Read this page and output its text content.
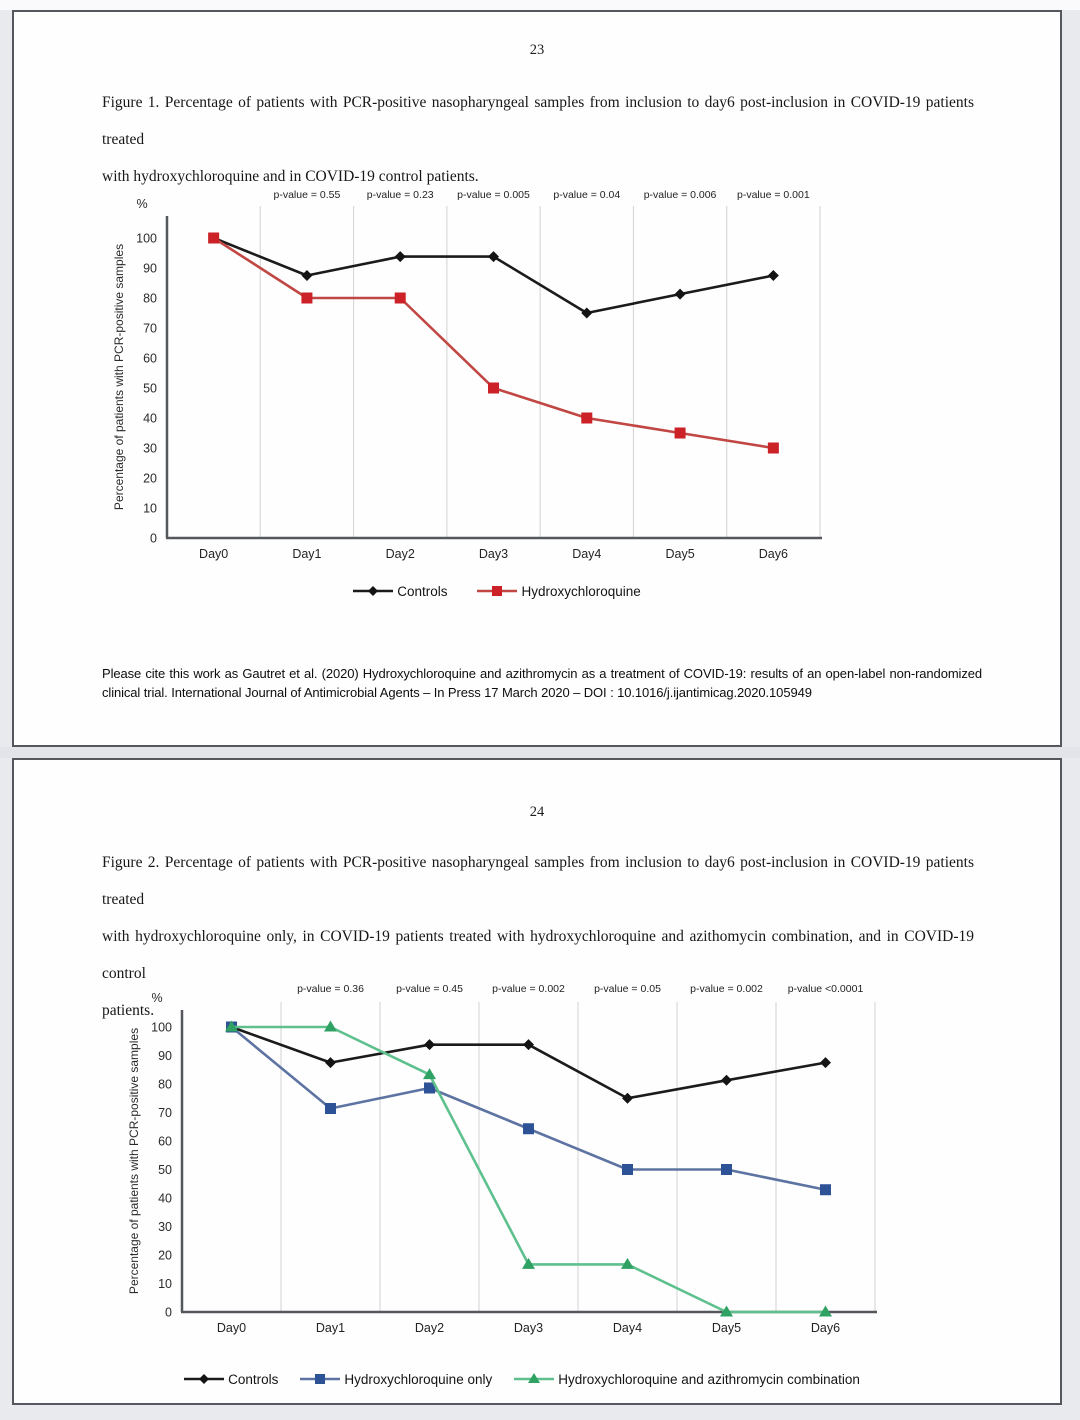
23
Figure 1. Percentage of patients with PCR-positive nasopharyngeal samples from inclusion to day6 post-inclusion in COVID-19 patients treated
with hydroxychloroquine and in COVID-19 control patients.
p-value = 0.55	p-value = 0.23 p-value = 0.005 p-value = 0.04 p-value = 0.006 p-value = 0.001
0
10
20
30
40
50
60
70
80
90
100
%
Percentage of patients with PCR-positive samples
Day0	Day1	Day2	Day3	Day4	Day5	Day6
Controls	Hydroxychloroquine
Please cite this work as Gautret et al. (2020) Hydroxychloroquine and azithromycin as a treatment of COVID-19: results of an open-label non-randomized
clinical trial. International Journal of Antimicrobial Agents – In Press 17 March 2020 – DOI : 10.1016/j.ijantimicag.2020.105949
24
Figure 2. Percentage of patients with PCR-positive nasopharyngeal samples from inclusion to day6 post-inclusion in COVID-19 patients treated
with hydroxychloroquine only, in COVID-19 patients treated with hydroxychloroquine and azithomycin combination, and in COVID-19 control
patients.
p-value = 0.36	p-value = 0.45	p-value = 0.002	p-value = 0.05	p-value = 0.002 p-value <0.0001
0
10
20
30
40
50
60
70
80
90
100
%
Percentage of patients with PCR-positive samples
Day0	Day1	Day2	Day3	Day4	Day5	Day6
Controls	Hydroxychloroquine only	Hydroxychloroquine and azithromycin combination
